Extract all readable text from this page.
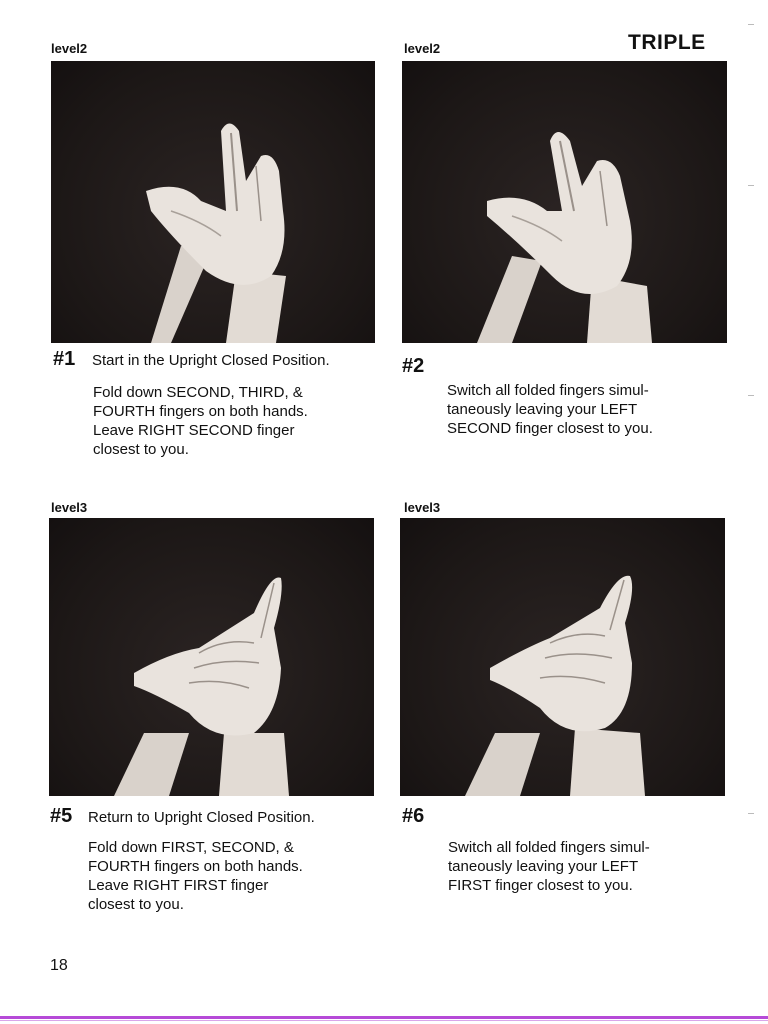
TRIPLE
level2
#1 Start in the Upright Closed Position.
Fold down SECOND, THIRD, &
FOURTH fingers on both hands.
Leave RIGHT SECOND finger
closest to you.
level2
#2
Switch all folded fingers simul-
taneously leaving your LEFT
SECOND finger closest to you.
level3
#5 Return to Upright Closed Position.
Fold down FIRST, SECOND, &
FOURTH fingers on both hands.
Leave RIGHT FIRST finger
closest to you.
level3
#6
Switch all folded fingers simul-
taneously leaving your LEFT
FIRST finger closest to you.
18
